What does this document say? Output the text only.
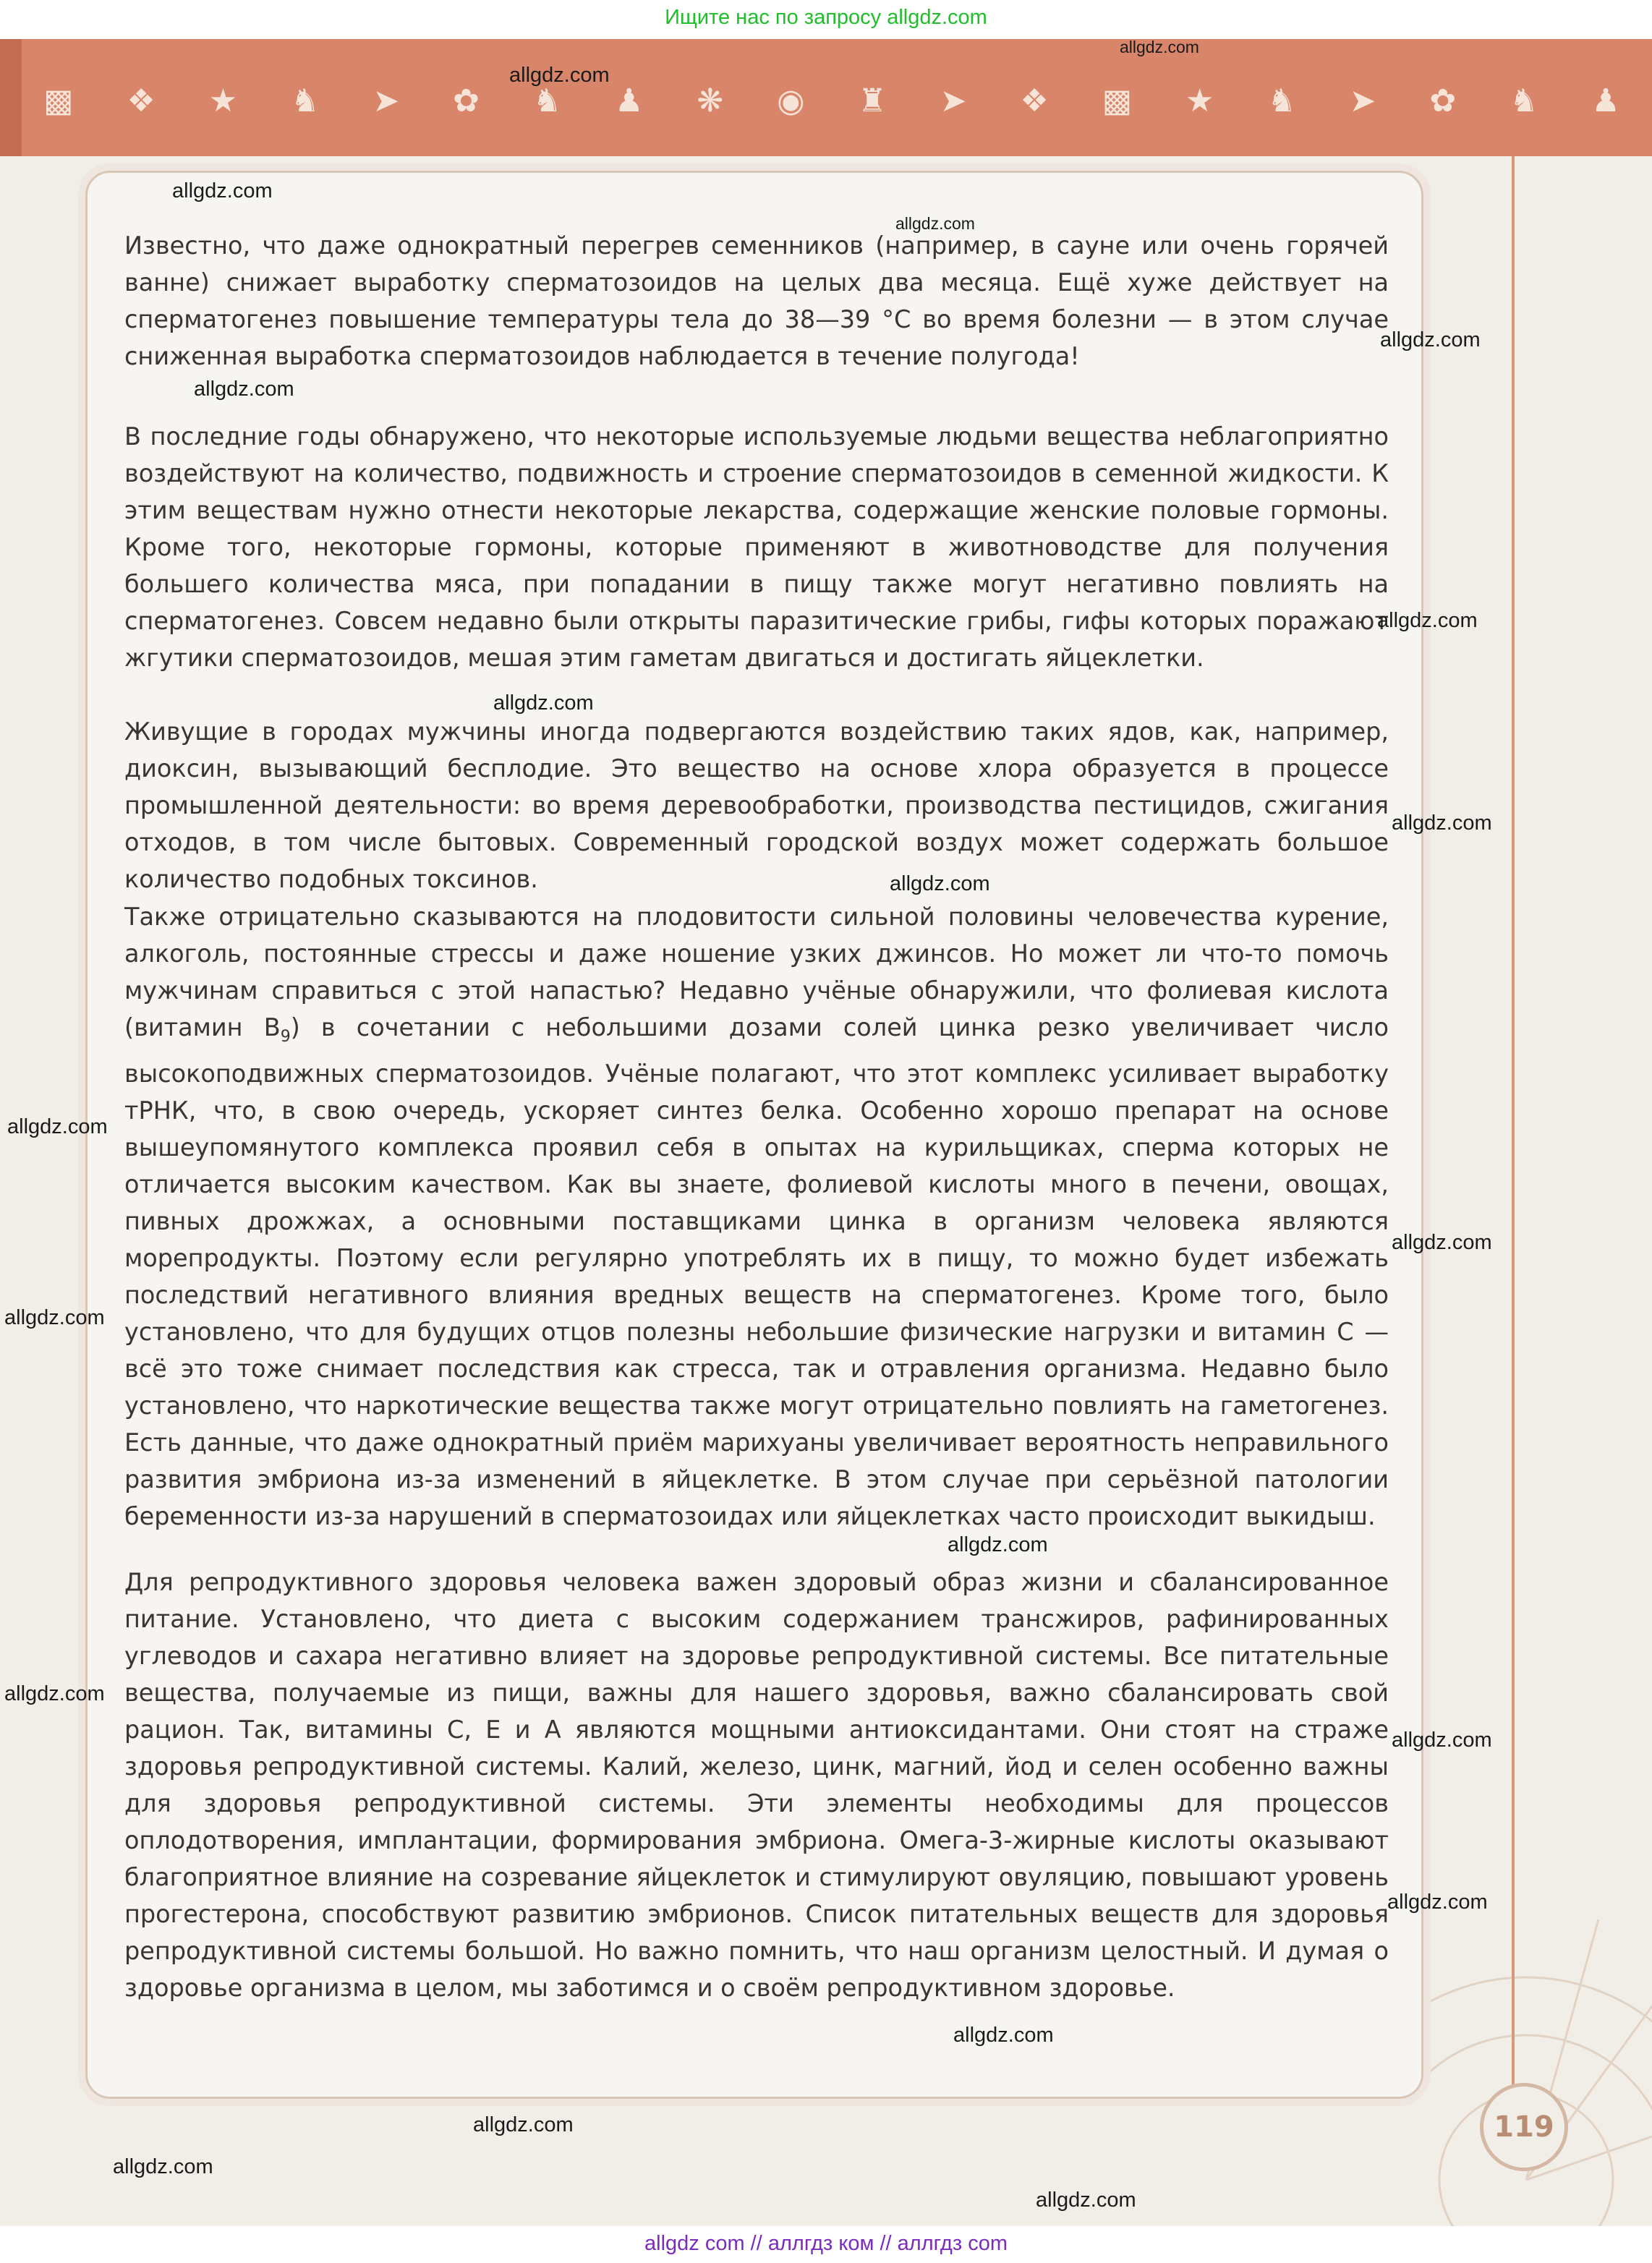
Ищите нас по запросу allgdz.com
▩ ❖ ★ ♞ ➤ ✿ ♞ ♟ ❋ ◉ ♜ ➤ ❖ ▩ ★ ♞ ➤ ✿ ♞ ♟

Известно, что даже однократный перегрев семенников (например, в сауне или очень горячей ванне) снижает выработку сперматозоидов на целых два месяца. Ещё хуже действует на сперматогенез повышение температуры тела до 38—39 °С во время болезни — в этом случае сниженная выработка сперматозоидов наблюдается в течение полугода!

В последние годы обнаружено, что некоторые используемые людьми вещества неблагоприятно воздействуют на количество, подвижность и строение сперматозоидов в семенной жидкости. К этим веществам нужно отнести некоторые лекарства, содержащие женские половые гормоны. Кроме того, некоторые гормоны, которые применяют в животноводстве для получения большего количества мяса, при попадании в пищу также могут негативно повлиять на сперматогенез. Совсем недавно были открыты паразитические грибы, гифы которых поражают жгутики сперматозоидов, мешая этим гаметам двигаться и достигать яйцеклетки.

Живущие в городах мужчины иногда подвергаются воздействию таких ядов, как, например, диоксин, вызывающий бесплодие. Это вещество на основе хлора образуется в процессе промышленной деятельности: во время деревообработки, производства пестицидов, сжигания отходов, в том числе бытовых. Современный городской воздух может содержать большое количество подобных токсинов.

Также отрицательно сказываются на плодовитости сильной половины человечества курение, алкоголь, постоянные стрессы и даже ношение узких джинсов. Но может ли что-то помочь мужчинам справиться с этой напастью? Недавно учёные обнаружили, что фолиевая кислота (витамин $В_9$) в сочетании с небольшими дозами солей цинка резко увеличивает число высокоподвижных сперматозоидов. Учёные полагают, что этот комплекс усиливает выработку тРНК, что, в свою очередь, ускоряет синтез белка. Особенно хорошо препарат на основе вышеупомянутого комплекса проявил себя в опытах на курильщиках, сперма которых не отличается высоким качеством. Как вы знаете, фолиевой кислоты много в печени, овощах, пивных дрожжах, а основными поставщиками цинка в организм человека являются морепродукты. Поэтому если регулярно употреблять их в пищу, то можно будет избежать последствий негативного влияния вредных веществ на сперматогенез. Кроме того, было установлено, что для будущих отцов полезны небольшие физические нагрузки и витамин С — всё это тоже снимает последствия как стресса, так и отравления организма. Недавно было установлено, что наркотические вещества также могут отрицательно повлиять на гаметогенез. Есть данные, что даже однократный приём марихуаны увеличивает вероятность неправильного развития эмбриона из-за изменений в яйцеклетке. В этом случае при серьёзной патологии беременности из-за нарушений в сперматозоидах или яйцеклетках часто происходит выкидыш.

Для репродуктивного здоровья человека важен здоровый образ жизни и сбалансированное питание. Установлено, что диета с высоким содержанием трансжиров, рафинированных углеводов и сахара негативно влияет на здоровье репродуктивной системы. Все питательные вещества, получаемые из пищи, важны для нашего здоровья, важно сбалансировать свой рацион. Так, витамины С, Е и А являются мощными антиоксидантами. Они стоят на страже здоровья репродуктивной системы. Калий, железо, цинк, магний, йод и селен особенно важны для здоровья репродуктивной системы. Эти элементы необходимы для процессов оплодотворения, имплантации, формирования эмбриона. Омега-3-жирные кислоты оказывают благоприятное влияние на созревание яйцеклеток и стимулируют овуляцию, повышают уровень прогестерона, способствуют развитию эмбрионов. Список питательных веществ для здоровья репродуктивной системы большой. Но важно помнить, что наш организм целостный. И думая о здоровье организма в целом, мы заботимся и о своём репродуктивном здоровье.

allgdz.com
allgdz.com
allgdz.com
allgdz.com
allgdz.com
allgdz.com
allgdz.com
allgdz.com
allgdz.com
allgdz.com
allgdz.com
allgdz.com
allgdz.com
allgdz.com
allgdz.com
allgdz.com
allgdz.com
allgdz.com
allgdz.com
allgdz.com
allgdz.com
119
allgdz com // аллгдз ком // аллгдз com
